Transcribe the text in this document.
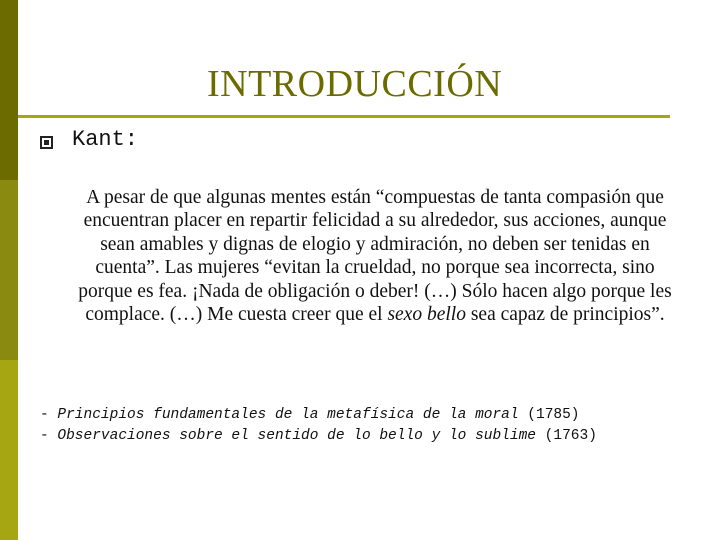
INTRODUCCIÓN
Kant:

A pesar de que algunas mentes están “compuestas de tanta compasión que encuentran placer en repartir felicidad a su alrededor, sus acciones, aunque sean amables y dignas de elogio y admiración, no deben ser tenidas en cuenta”. Las mujeres “evitan la crueldad, no porque sea incorrecta, sino porque es fea. ¡Nada de obligación o deber! (…) Sólo hacen algo porque les complace. (…) Me cuesta creer que el sexo bello sea capaz de principios”.

- Principios fundamentales de la metafísica de la moral (1785)
- Observaciones sobre el sentido de lo bello y lo sublime (1763)
